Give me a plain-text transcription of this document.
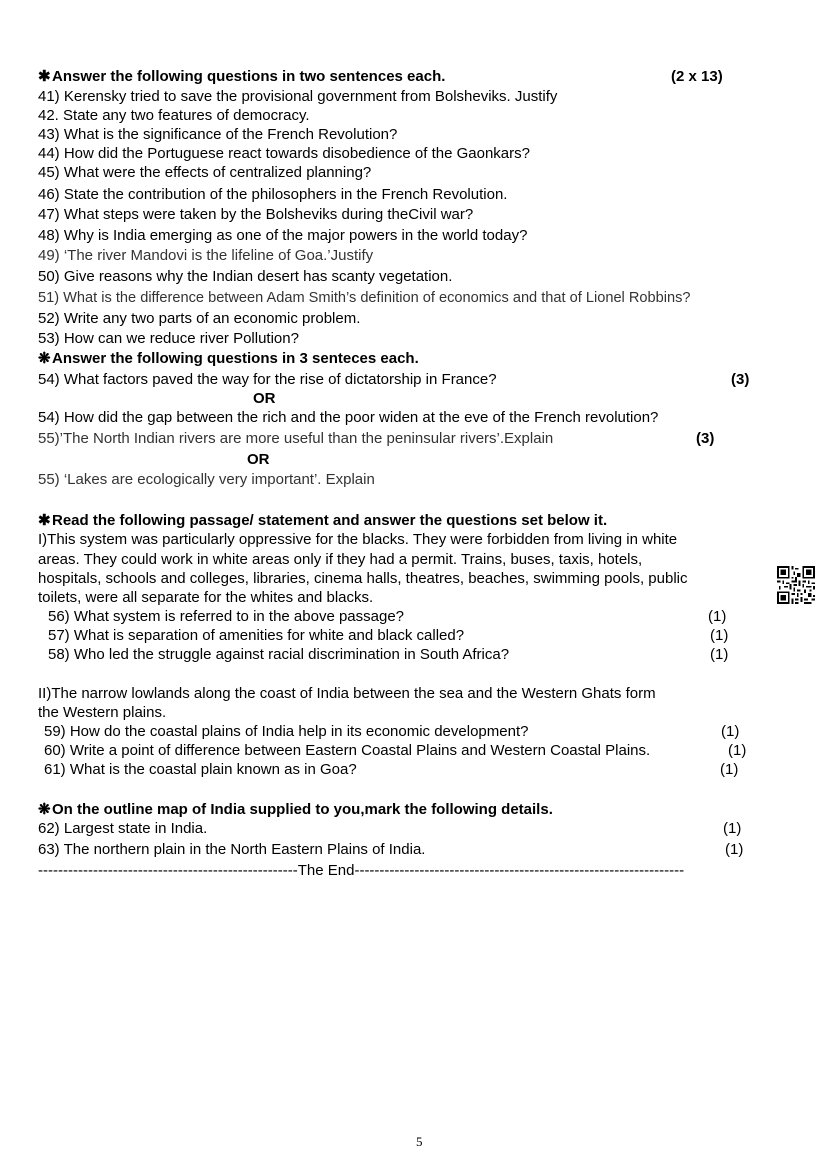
✱Answer the following questions in two sentences each.	(2 x 13)
41) Kerensky tried to save the provisional government from Bolsheviks. Justify
42. State any two features of democracy.
43) What is the significance of the French Revolution?
44) How did the Portuguese react towards disobedience of the Gaonkars?
45) What were the effects of centralized planning?
46) State the contribution of the philosophers in the French Revolution.
47) What steps were taken by the Bolsheviks during theCivil war?
48) Why is India emerging as one of the major powers in the world today?
49) ‘The river Mandovi is the lifeline of Goa.’Justify
50) Give reasons why the Indian desert has scanty vegetation.
51) What is the difference between Adam Smith’s definition of economics and that of Lionel Robbins?
52) Write any two parts of an economic problem.
53) How can we reduce river Pollution?
❋Answer the following questions in 3 senteces each.
54) What factors paved the way for the rise of dictatorship in France?	(3)
OR
54) How did the gap between the rich and the poor widen at the eve of the French revolution?
55)’The North Indian rivers are more useful than the peninsular rivers’.Explain	(3)
OR
55) ‘Lakes are ecologically very important’. Explain
✱Read the following passage/ statement and answer the questions set below it.
I)This system was particularly oppressive for the blacks. They were forbidden from living in white
areas. They could work in white areas only if they had a permit. Trains, buses, taxis, hotels,
hospitals, schools and colleges, libraries, cinema halls, theatres, beaches, swimming pools, public
toilets, were all separate for the whites and blacks.
56) What system is referred to in the above passage?	(1)
57) What is separation of amenities for white and black called?	(1)
58) Who led the struggle against racial discrimination in South Africa?	(1)
II)The narrow lowlands along the coast of India between the sea and the Western Ghats form
the Western plains.
59) How do the coastal plains of India help in its economic development?	(1)
60) Write a point of difference between Eastern Coastal Plains and Western Coastal Plains.	(1)
61) What is the coastal plain known as in Goa?	(1)
❋On the outline map of India supplied to you,mark the following details.
62) Largest state in India.	(1)
63) The northern plain in the North Eastern Plains of India.	(1)
----------------------------------------------------The End------------------------------------------------------------------
5
